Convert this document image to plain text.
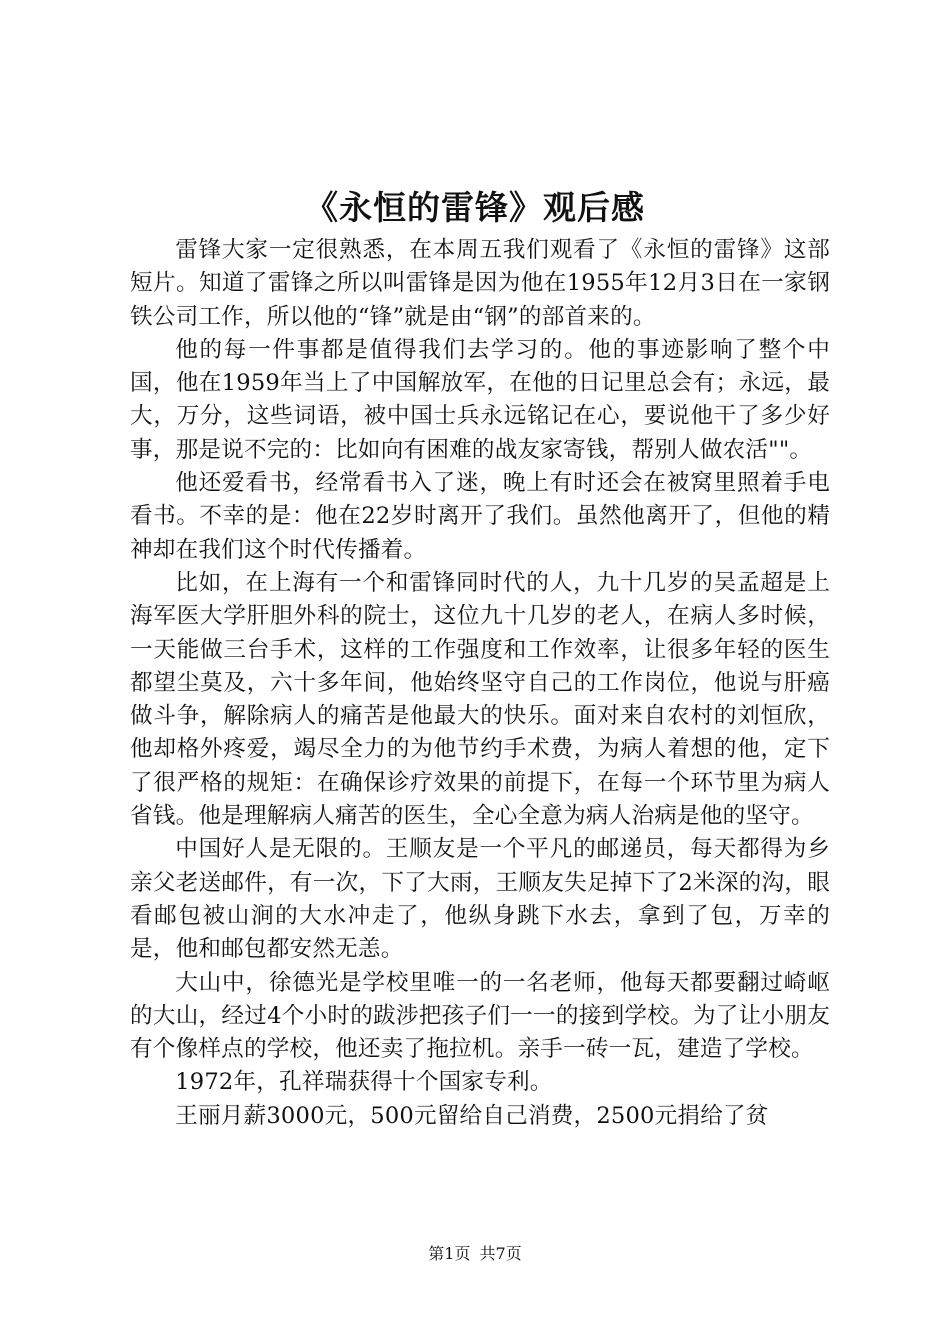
《永恒的雷锋》观后感

雷锋大家一定很熟悉，在本周五我们观看了《永恒的雷锋》这部短片。知道了雷锋之所以叫雷锋是因为他在1955年12月3日在一家钢铁公司工作，所以他的“锋”就是由“钢”的部首来的。

他的每一件事都是值得我们去学习的。他的事迹影响了整个中国，他在1959年当上了中国解放军，在他的日记里总会有；永远，最大，万分，这些词语，被中国士兵永远铭记在心，要说他干了多少好事，那是说不完的：比如向有困难的战友家寄钱，帮别人做农活""。

他还爱看书，经常看书入了迷，晚上有时还会在被窝里照着手电看书。不幸的是：他在22岁时离开了我们。虽然他离开了，但他的精神却在我们这个时代传播着。

比如，在上海有一个和雷锋同时代的人，九十几岁的吴孟超是上海军医大学肝胆外科的院士，这位九十几岁的老人，在病人多时候，一天能做三台手术，这样的工作强度和工作效率，让很多年轻的医生都望尘莫及，六十多年间，他始终坚守自己的工作岗位，他说与肝癌做斗争，解除病人的痛苦是他最大的快乐。面对来自农村的刘恒欣，他却格外疼爱，竭尽全力的为他节约手术费，为病人着想的他，定下了很严格的规矩：在确保诊疗效果的前提下，在每一个环节里为病人省钱。他是理解病人痛苦的医生，全心全意为病人治病是他的坚守。

中国好人是无限的。王顺友是一个平凡的邮递员，每天都得为乡亲父老送邮件，有一次，下了大雨，王顺友失足掉下了2米深的沟，眼看邮包被山涧的大水冲走了，他纵身跳下水去，拿到了包，万幸的是，他和邮包都安然无恙。

大山中，徐德光是学校里唯一的一名老师，他每天都要翻过崎岖的大山，经过4个小时的跋涉把孩子们一一的接到学校。为了让小朋友有个像样点的学校，他还卖了拖拉机。亲手一砖一瓦，建造了学校。

1972年，孔祥瑞获得十个国家专利。

王丽月薪3000元，500元留给自己消费，2500元捐给了贫

第1页 共7页
